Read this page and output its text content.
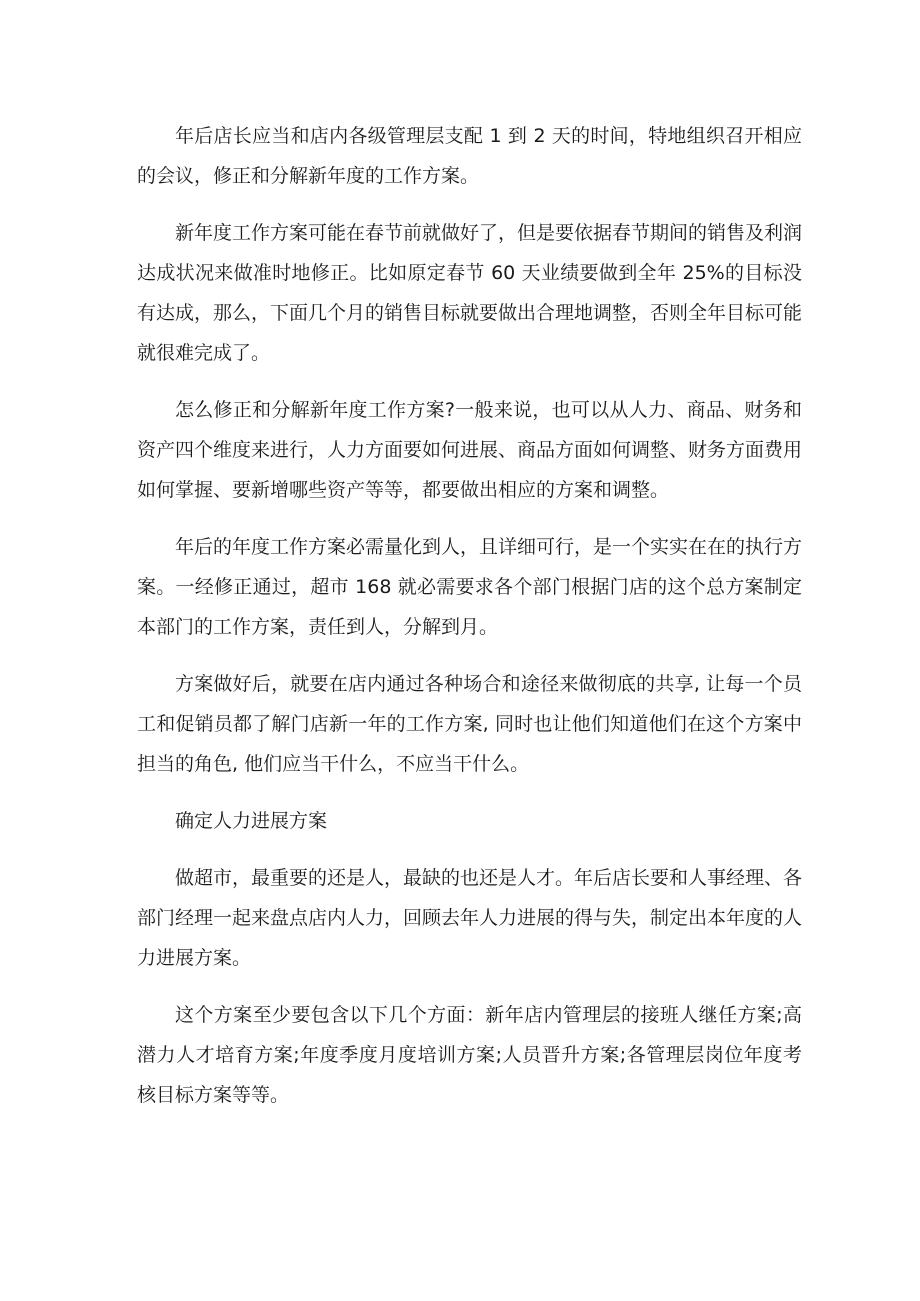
年后店长应当和店内各级管理层支配 1 到 2 天的时间，特地组织召开相应的会议，修正和分解新年度的工作方案。

新年度工作方案可能在春节前就做好了，但是要依据春节期间的销售及利润达成状况来做准时地修正。比如原定春节 60 天业绩要做到全年 25%的目标没有达成，那么，下面几个月的销售目标就要做出合理地调整，否则全年目标可能就很难完成了。

怎么修正和分解新年度工作方案?一般来说，也可以从人力、商品、财务和资产四个维度来进行，人力方面要如何进展、商品方面如何调整、财务方面费用如何掌握、要新增哪些资产等等，都要做出相应的方案和调整。

年后的年度工作方案必需量化到人，且详细可行，是一个实实在在的执行方案。一经修正通过，超市 168 就必需要求各个部门根据门店的这个总方案制定本部门的工作方案，责任到人，分解到月。

方案做好后，就要在店内通过各种场合和途径来做彻底的共享, 让每一个员工和促销员都了解门店新一年的工作方案, 同时也让他们知道他们在这个方案中担当的角色, 他们应当干什么，不应当干什么。

确定人力进展方案

做超市，最重要的还是人，最缺的也还是人才。年后店长要和人事经理、各部门经理一起来盘点店内人力，回顾去年人力进展的得与失，制定出本年度的人力进展方案。

这个方案至少要包含以下几个方面：新年店内管理层的接班人继任方案;高潜力人才培育方案;年度季度月度培训方案;人员晋升方案;各管理层岗位年度考核目标方案等等。
